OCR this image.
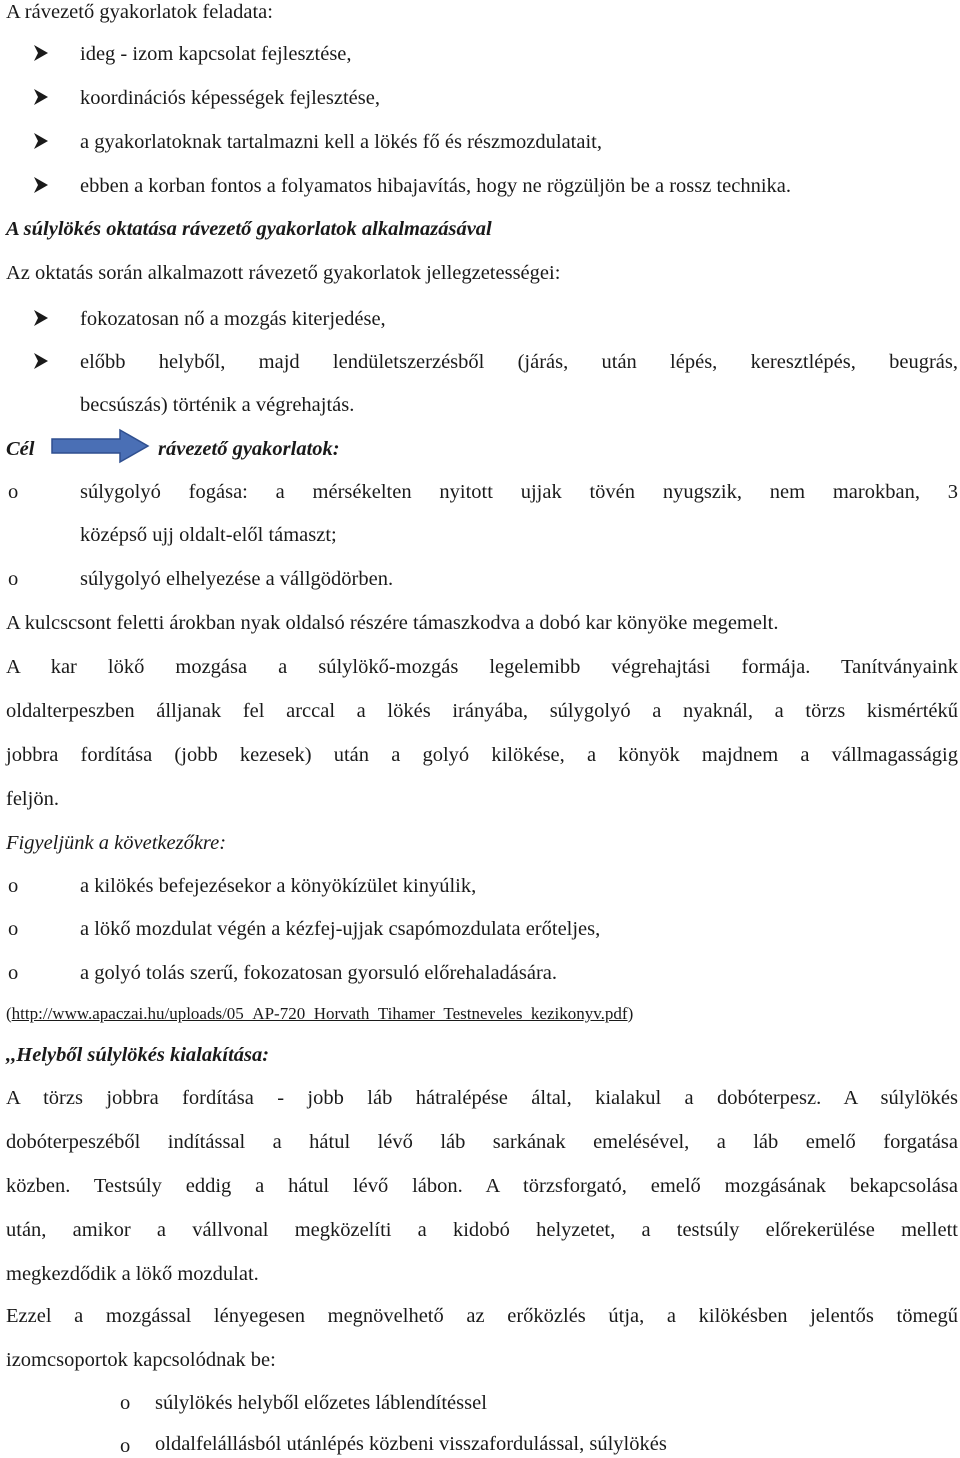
A rávezető gyakorlatok feladata:
ideg - izom kapcsolat fejlesztése,
koordinációs képességek fejlesztése,
a gyakorlatoknak tartalmazni kell a lökés fő és részmozdulatait,
ebben a korban fontos a folyamatos hibajavítás, hogy ne rögzüljön be a rossz technika.
A súlylökés oktatása rávezető gyakorlatok alkalmazásával
Az oktatás során alkalmazott rávezető gyakorlatok jellegzetességei:
fokozatosan nő a mozgás kiterjedése,
előbb helyből, majd lendületszerzésből (járás, után lépés, keresztlépés, beugrás,
becsúszás) történik a végrehajtás.
Cél	rávezető gyakorlatok:
o	súlygolyó fogása: a mérsékelten nyitott ujjak tövén nyugszik, nem marokban, 3
középső ujj oldalt-elől támaszt;
o	súlygolyó elhelyezése a vállgödörben.
A kulcscsont feletti árokban nyak oldalsó részére támaszkodva a dobó kar könyöke megemelt.
A kar lökő mozgása a súlylökő-mozgás legelemibb végrehajtási formája. Tanítványaink
oldalterpeszben álljanak fel arccal a lökés irányába, súlygolyó a nyaknál, a törzs kismértékű
jobbra fordítása (jobb kezesek) után a golyó kilökése, a könyök majdnem a vállmagasságig
feljön.
Figyeljünk a következőkre:
o	a kilökés befejezésekor a könyökízület kinyúlik,
o	a lökő mozdulat végén a kézfej-ujjak csapómozdulata erőteljes,
o	a golyó tolás szerű, fokozatosan gyorsuló előrehaladására.
(http://www.apaczai.hu/uploads/05_AP-720_Horvath_Tihamer_Testneveles_kezikonyv.pdf)
,,Helyből súlylökés kialakítása:
A törzs jobbra fordítása - jobb láb hátralépése által, kialakul a dobóterpesz. A súlylökés
dobóterpeszéből indítással a hátul lévő láb sarkának emelésével, a láb emelő forgatása
közben. Testsúly eddig a hátul lévő lábon. A törzsforgató, emelő mozgásának bekapcsolása
után, amikor a vállvonal megközelíti a kidobó helyzetet, a testsúly előrekerülése mellett
megkezdődik a lökő mozdulat.
Ezzel a mozgással lényegesen megnövelhető az erőközlés útja, a kilökésben jelentős tömegű
izomcsoportok kapcsolódnak be:
o	súlylökés helyből előzetes láblendítéssel
o	oldalfelállásból utánlépés közbeni visszafordulással, súlylökés
